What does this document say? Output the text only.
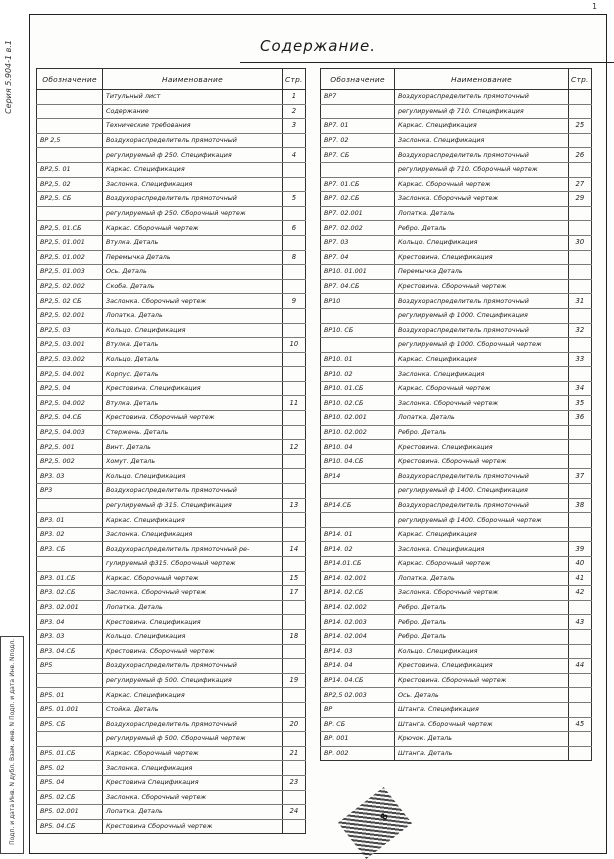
1
Серия 5.904-1 в.1
Инв. Nподл.
Подп. и дата
Взам. инв. N
Инв. N дубл.
Подп. и дата
Содержание.
Обозначение	Наименование	Стр.
	Титульный лист	1
	Содержание	2
	Технические требования	3
ВР 2,5	Воздухораспределитель прямоточный	
	регулируемый ф 250. Спецификация	4
ВР2,5. 01	Каркас. Спецификация	
ВР2,5. 02	Заслонка. Спецификация	
ВР2,5. СБ	Воздухораспределитель прямоточный	5
	регулируемый ф 250. Сборочный чертеж	
ВР2,5. 01.СБ	Каркас. Сборочный чертеж	6
ВР2,5. 01.001	Втулка. Деталь	
ВР2,5. 01.002	Перемычка Деталь	8
ВР2,5. 01.003	Ось. Деталь	
ВР2,5. 02.002	Скоба. Деталь	
ВР2,5. 02 СБ	Заслонка. Сборочный чертеж	9
ВР2,5. 02.001	Лопатка. Деталь	
ВР2,5. 03	Кольцо. Спецификация	
ВР2,5. 03.001	Втулка. Деталь	10
ВР2,5. 03.002	Кольцо. Деталь	
ВР2,5. 04.001	Корпус. Деталь	
ВР2,5. 04	Крестовина. Спецификация	
ВР2,5. 04.002	Втулка. Деталь	11
ВР2,5. 04.СБ	Крестовина. Сборочный чертеж	
ВР2,5. 04.003	Стержень. Деталь	
ВР2,5. 001	Винт. Деталь	12
ВР2,5. 002	Хомут. Деталь	
ВР3. 03	Кольцо. Спецификация	
ВР3	Воздухораспределитель прямоточный	
	регулируемый ф 315. Спецификация	13
ВР3. 01	Каркас. Спецификация	
ВР3. 02	Заслонка. Спецификация	
ВР3. СБ	Воздухораспределитель прямоточный ре-	14
	гулируемый ф315. Сборочный чертеж	
ВР3. 01.СБ	Каркас. Сборочный чертеж	15
ВР3. 02.СБ	Заслонка. Сборочный чертеж	17
ВР3. 02.001	Лопатка. Деталь	
ВР3. 04	Крестовина. Спецификация	
ВР3. 03	Кольцо. Спецификация	18
ВР3. 04.СБ	Крестовина. Сборочный чертеж	
ВР5	Воздухораспределитель прямоточный	
	регулируемый ф 500. Спецификация	19
ВР5. 01	Каркас. Спецификация	
ВР5. 01.001	Стойка. Деталь	
ВР5. СБ	Воздухораспределитель прямоточный	20
	регулируемый ф 500. Сборочный чертеж	
ВР5. 01.СБ	Каркас. Сборочный чертеж	21
ВР5. 02	Заслонка. Спецификация	
ВР5. 04	Крестовина Спецификация	23
ВР5. 02.СБ	Заслонка. Сборочный чертеж	
ВР5. 02.001	Лопатка. Деталь	24
ВР5. 04.СБ	Крестовина Сборочный чертеж	
Обозначение	Наименование	Стр.
ВР7	Воздухораспределитель прямоточный	
	регулируемый ф 710. Спецификация	
ВР7. 01	Каркас. Спецификация	25
ВР7. 02	Заслонка. Спецификация	
ВР7. СБ	Воздухораспределитель прямоточный	26
	регулируемый ф 710. Сборочный чертеж	
ВР7. 01.СБ	Каркас. Сборочный чертеж	27
ВР7. 02.СБ	Заслонка. Сборочный чертеж	29
ВР7. 02.001	Лопатка. Деталь	
ВР7. 02.002	Ребро. Деталь	
ВР7. 03	Кольцо. Спецификация	30
ВР7. 04	Крестовина. Спецификация	
ВР10. 01.001	Перемычка Деталь	
ВР7. 04.СБ	Крестовина. Сборочный чертеж	
ВР10	Воздухораспределитель прямоточный	31
	регулируемый ф 1000. Спецификация	
ВР10. СБ	Воздухораспределитель прямоточный	32
	регулируемый ф 1000. Сборочный чертеж	
ВР10. 01	Каркас. Спецификация	33
ВР10. 02	Заслонка. Спецификация	
ВР10. 01.СБ	Каркас. Сборочный чертеж	34
ВР10. 02.СБ	Заслонка. Сборочный чертеж	35
ВР10. 02.001	Лопатка. Деталь	36
ВР10. 02.002	Ребро. Деталь	
ВР10. 04	Крестовина. Спецификация	
ВР10. 04.СБ	Крестовина. Сборочный чертеж	
ВР14	Воздухораспределитель прямоточный	37
	регулируемый ф 1400. Спецификация	
ВР14.СБ	Воздухораспределитель прямоточный	38
	регулируемый ф 1400. Сборочный чертеж	
ВР14. 01	Каркас. Спецификация	
ВР14. 02	Заслонка. Спецификация	39
ВР14.01.СБ	Каркас. Сборочный чертеж	40
ВР14. 02.001	Лопатка. Деталь	41
ВР14. 02.СБ	Заслонка. Сборочный чертеж	42
ВР14. 02.002	Ребро. Деталь	
ВР14. 02.003	Ребро. Деталь	43
ВР14. 02.004	Ребро. Деталь	
ВР14. 03	Кольцо. Спецификация	
ВР14. 04	Крестовина. Спецификация	44
ВР14. 04.СБ	Крестовина. Сборочный чертеж	
ВР2,5 02.003	Ось. Деталь	
ВР	Штанга. Спецификация	
ВР. СБ	Штанга. Сборочный чертеж	45
ВР. 001	Крючок. Деталь	
ВР. 002	Штанга. Деталь	
8
